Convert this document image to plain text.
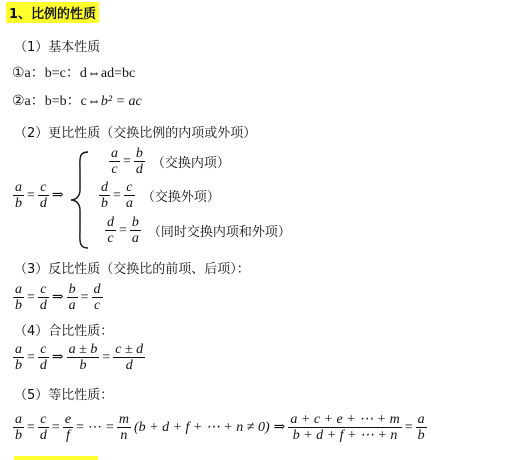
1、比例的性质
（1）基本性质
①a：b=c：d⇔ad=bc
②a：b=b：c⇔b² = ac
（2）更比性质（交换比例的内项或外项）
$\frac{a}{b} = \frac{c}{d}$ ⇒
$\frac{a}{c} = \frac{b}{d}$ （交换内项）
$\frac{d}{b} = \frac{c}{a}$ （交换外项）
$\frac{d}{c} = \frac{b}{a}$ （同时交换内项和外项）
（3）反比性质（交换比的前项、后项）：
$\frac{a}{b} = \frac{c}{d}$ ⇒ $\frac{b}{a} = \frac{d}{c}$
（4）合比性质：
$\frac{a}{b} = \frac{c}{d}$ ⇒ $\frac{a \pm b}{b} = \frac{c \pm d}{d}$
（5）等比性质：
$\frac{a}{b} = \frac{c}{d} = \frac{e}{f}$ = ⋯ = $\frac{m}{n} (b + d + f$ + ⋯ + n ≠ 0) ⇒ $\frac{a + c + e + \cdots + m}{b + d + f + \cdots + n} = \frac{a}{b}$
